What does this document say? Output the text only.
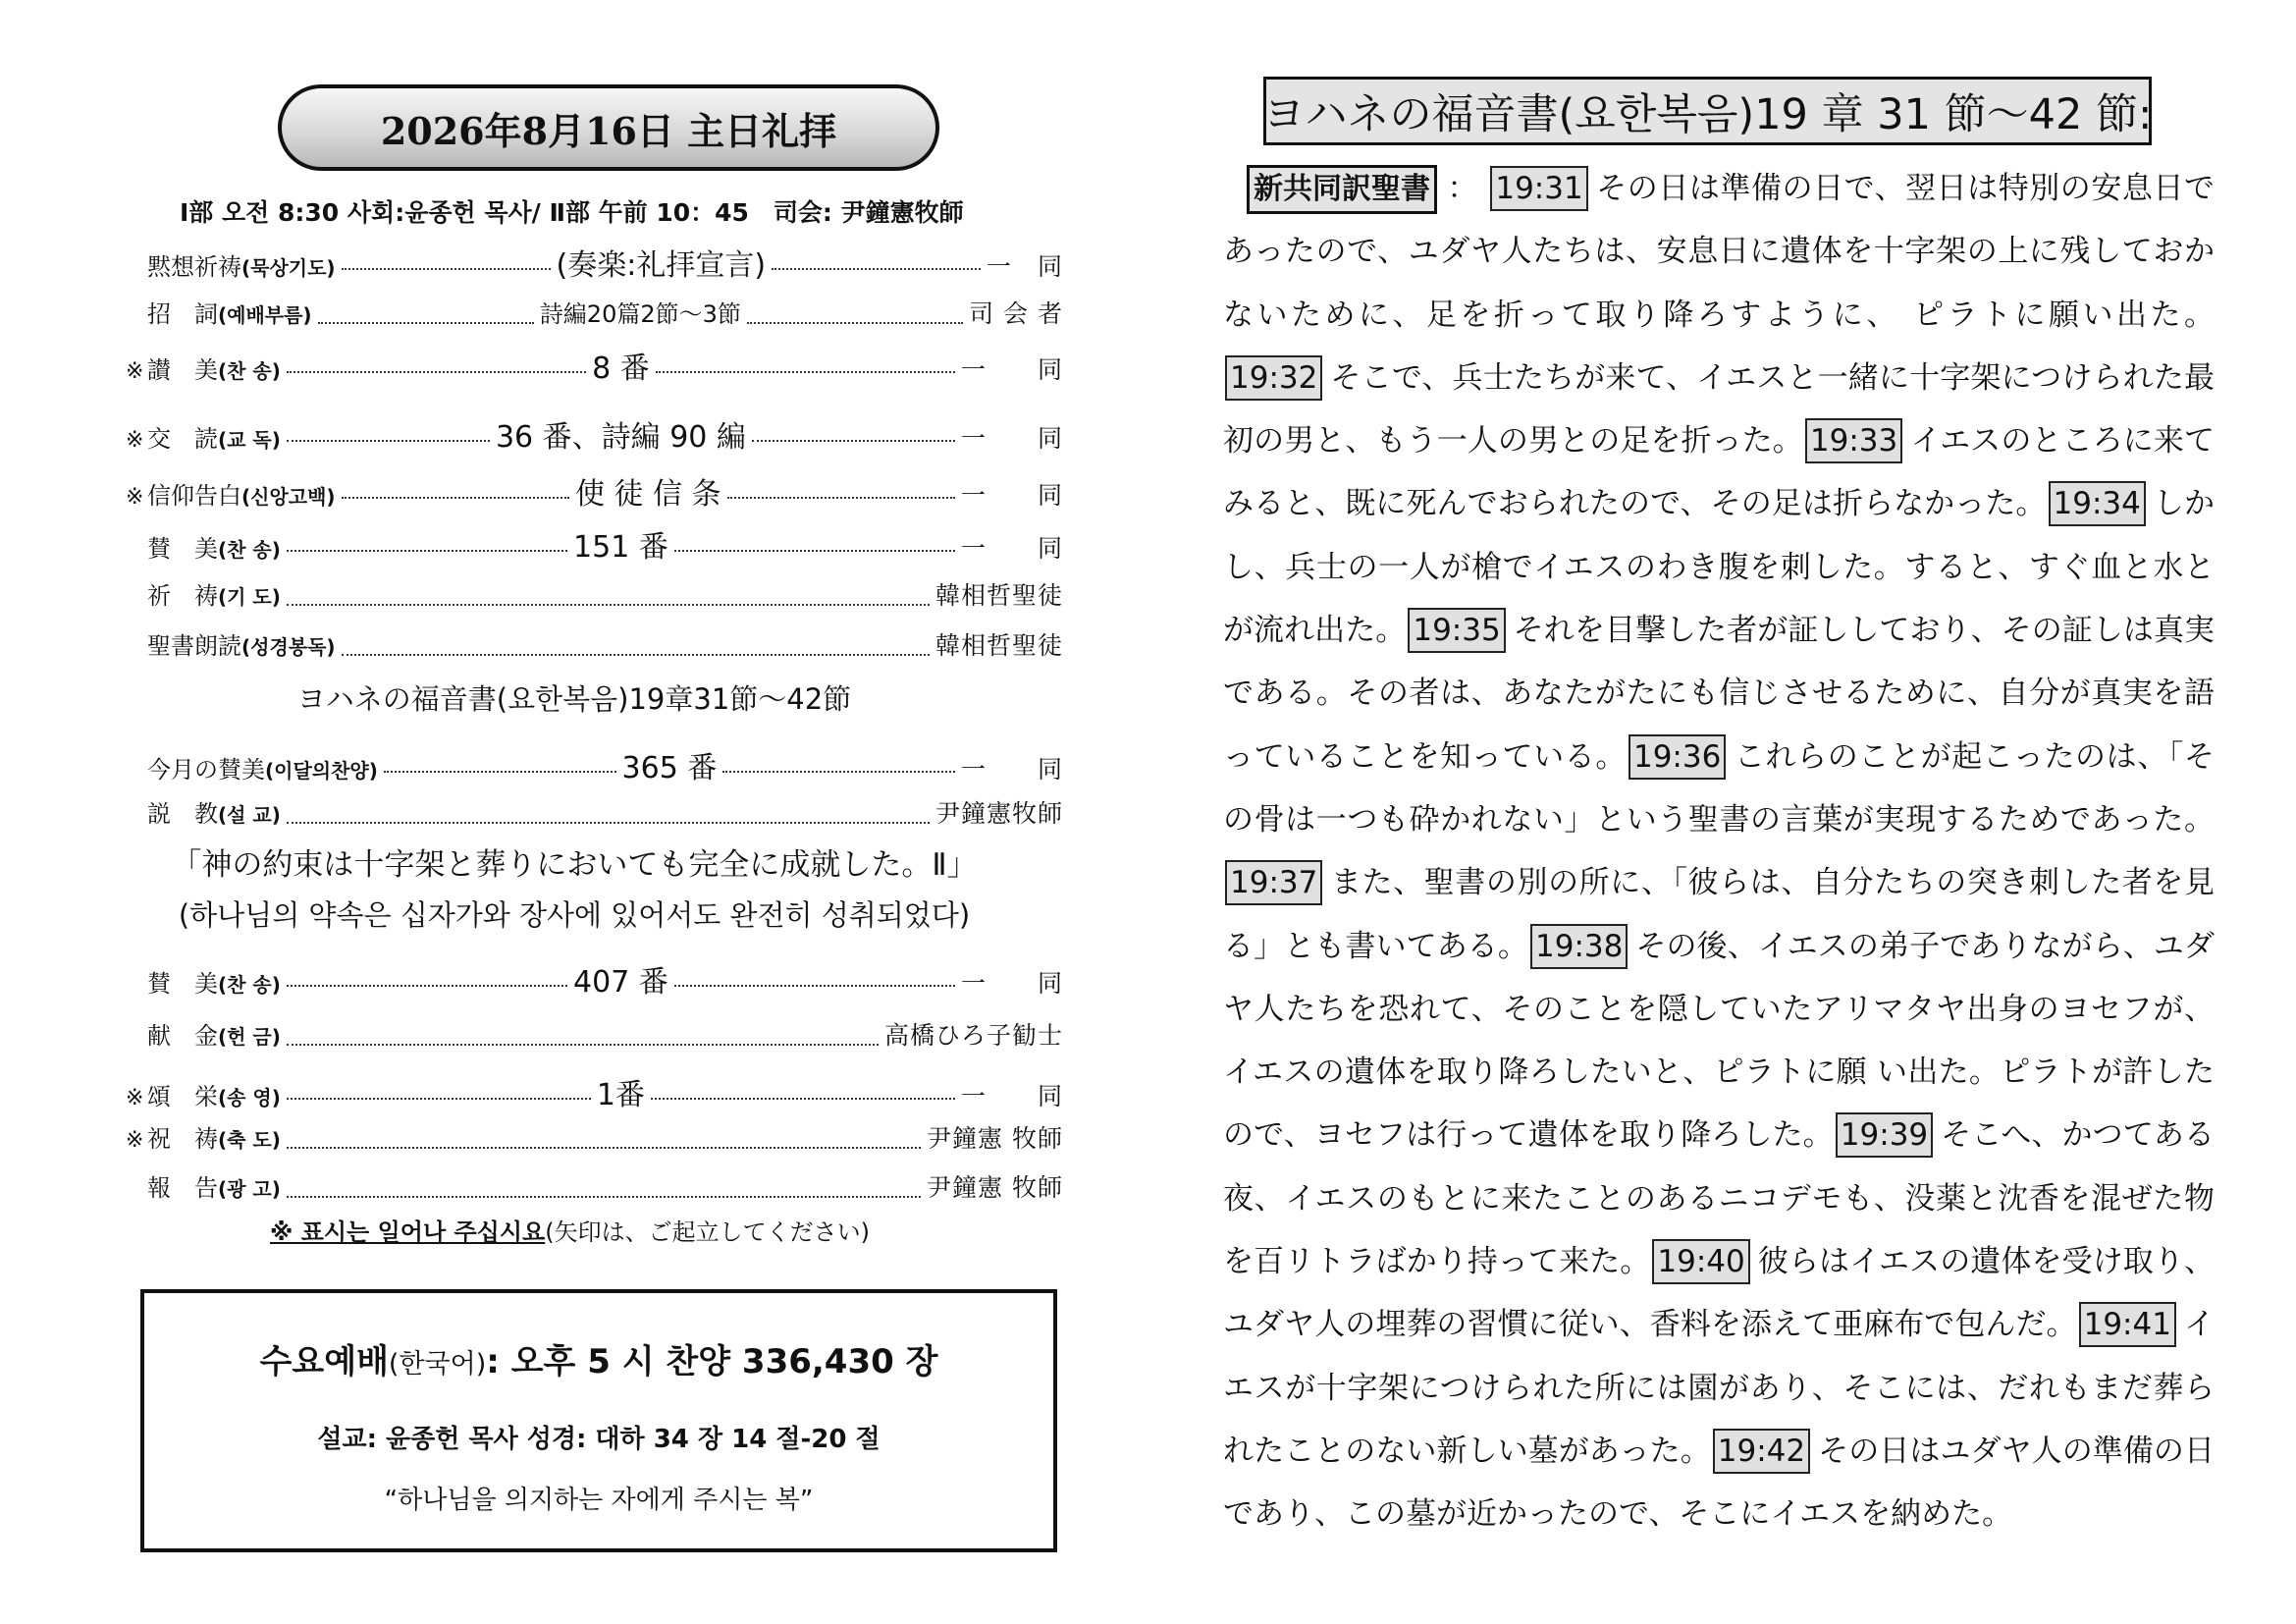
2026年8月16日 主日礼拝
Ⅰ部 오전 8:30 사회:윤종헌 목사/ Ⅱ部 午前 10：45　司会: 尹鐘憲牧師
黙想祈祷(묵상기도)	(奏楽:礼拝宣言)	一　同
招　詞(예배부름)	詩編20篇2節～3節	司 会 者
※ 讃　美(찬 송)	8 番	一　　同
※ 交　読(교 독)	36 番、詩編 90 編	一　　同
※ 信仰告白(신앙고백)	使 徒 信 条	一　　同
賛　美(찬 송)	151 番	一　　同
祈　祷(기 도)	韓相哲聖徒
聖書朗読(성경봉독)	韓相哲聖徒
ヨハネの福音書(요한복음)19章31節～42節
今月の賛美(이달의찬양)	365 番	一　　同
説　教(설 교)	尹鐘憲牧師
「神の約束は十字架と葬りにおいても完全に成就した。Ⅱ」
(하나님의 약속은 십자가와 장사에 있어서도 완전히 성취되었다)
賛　美(찬 송)	407 番	一　　同
献　金(헌 금)	高橋ひろ子勧士
※ 頌　栄(송 영)	1番	一　　同
※ 祝　祷(축 도)	尹鐘憲 牧師
報　告(광 고)	尹鐘憲 牧師
※ 표시는 일어나 주십시요(矢印は、ご起立してください)
수요예배(한국어): 오후 5 시 찬양 336,430 장
설교: 윤종헌 목사 성경: 대하 34 장 14 절-20 절
“하나님을 의지하는 자에게 주시는 복”
ヨハネの福音書(요한복음)19 章 31 節～42 節:
新共同訳聖書 ： 19:31 その日は準備の日で、翌日は特別の安息日であったので、ユダヤ人たちは、安息日に遺体を十字架の上に残しておかないために、足を折って取り降ろすように、 ピラトに願い出た。19:32 そこで、兵士たちが来て、イエスと一緒に十字架につけられた最初の男と、もう一人の男との足を折った。 19:33 イエスのところに来てみると、既に死んでおられたので、その足は折らなかった。 19:34 しかし、兵士の一人が槍でイエスのわき腹を刺した。すると、すぐ血と水とが流れ出た。 19:35 それを目撃した者が証ししており、その証しは真実である。その者は、あなたがたにも信じさせるために、自分が真実を語っていることを知っている。 19:36 これらのことが起こったのは、「その骨は一つも砕かれない」という聖書の言葉が実現するためであった。19:37 また、聖書の別の所に、「彼らは、自分たちの突き刺した者を見る」とも書いてある。 19:38 その後、イエスの弟子でありながら、ユダヤ人たちを恐れて、そのことを隠していたアリマタヤ出身のヨセフが、イエスの遺体を取り降ろしたいと、ピラトに願 い出た。ピラトが許したので、ヨセフは行って遺体を取り降ろした。 19:39 そこへ、かつてある夜、イエスのもとに来たことのあるニコデモも、没薬と沈香を混ぜた物を百リトラばかり持って来た。 19:40 彼らはイエスの遺体を受け取り、ユダヤ人の埋葬の習慣に従い、香料を添えて亜麻布で包んだ。 19:41 イエスが十字架につけられた所には園があり、そこには、だれもまだ葬られたことのない新しい墓があった。 19:42 その日はユダヤ人の準備の日であり、この墓が近かったので、そこにイエスを納めた。
